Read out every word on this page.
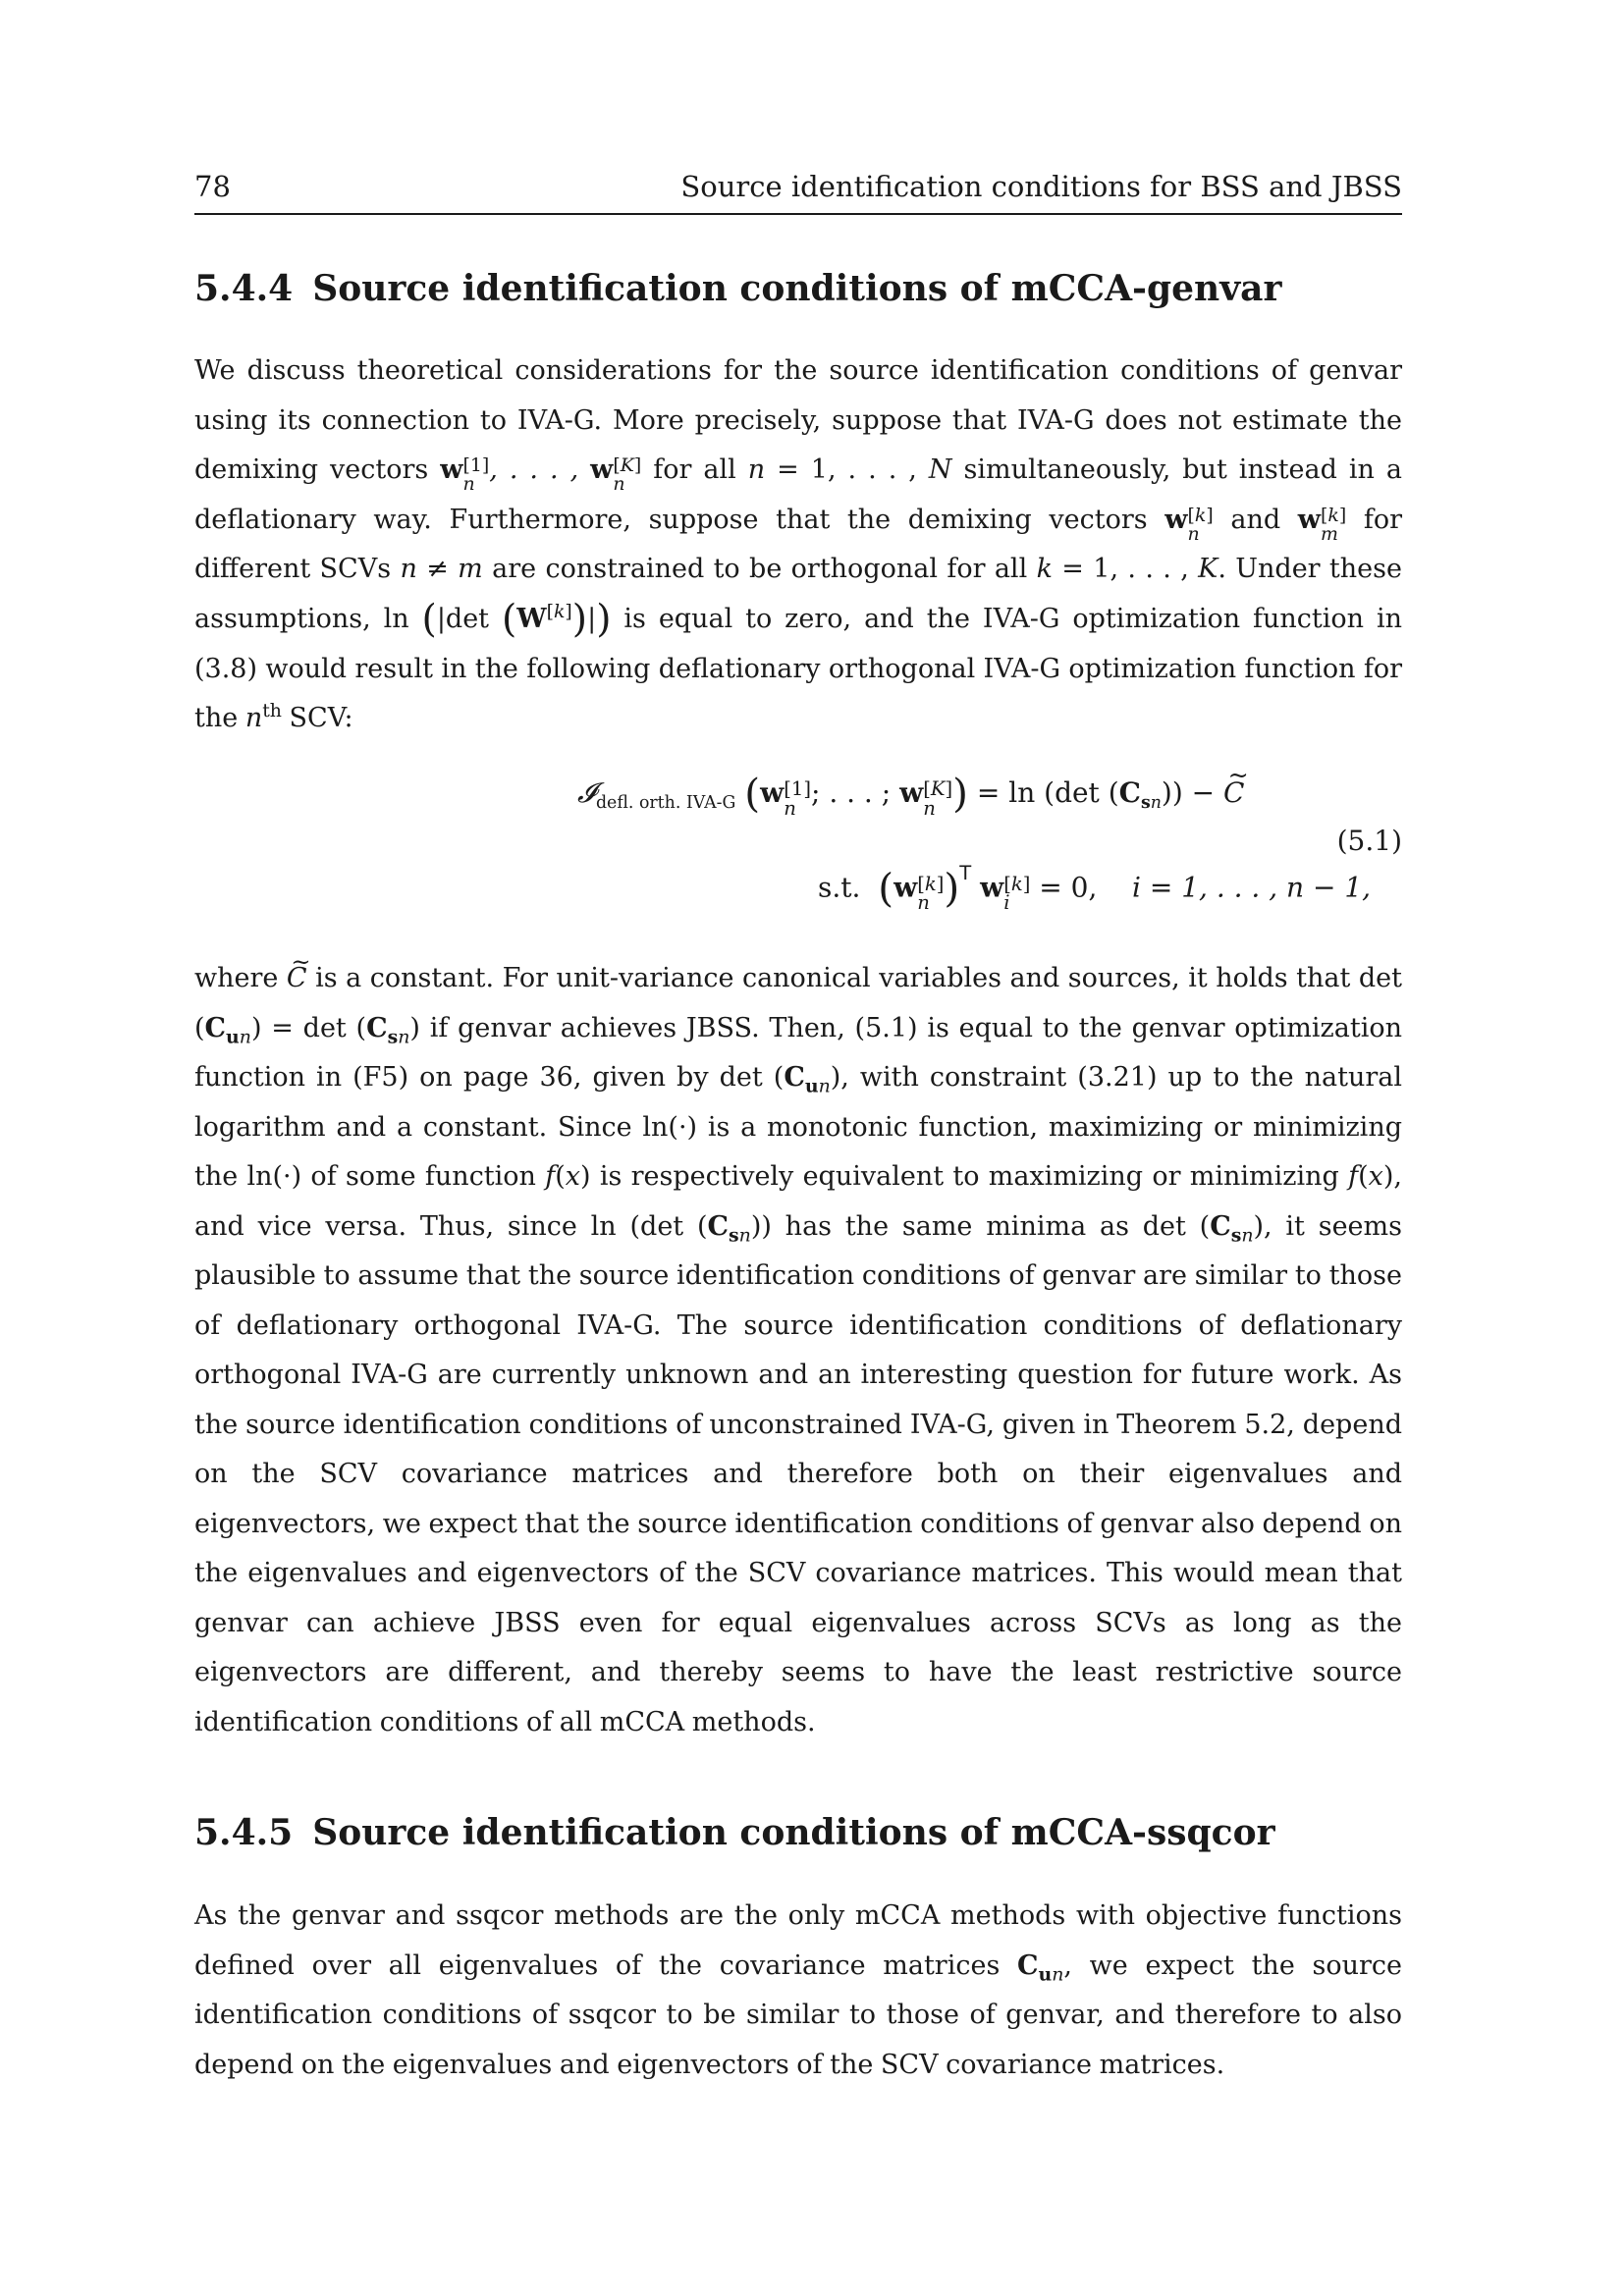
78	Source identification conditions for BSS and JBSS
5.4.4 Source identification conditions of mCCA-genvar

We discuss theoretical considerations for the source identification conditions of genvar using its connection to IVA-G. More precisely, suppose that IVA-G does not estimate the demixing vectors w [1]
n , . . . , w [K]
n for all n = 1, . . . , N simultaneously, but instead in a deflationary way. Furthermore, suppose that the demixing vectors w [k]
n and w [k]
m for different SCVs n ≠ m are constrained to be orthogonal for all k = 1, . . . , K. Under these assumptions, ln (|det (W[k])|) is equal to zero, and the IVA-G optimization function in (3.8) would result in the following deflationary orthogonal IVA-G optimization function for the $n^{th}$ SCV:

𝓘$_{defl. orth. IVA-G}$ (w [1]
n ; . . . ; w [K]
n ) = ln (det $(C_{sn})$) − ~ C
s.t. (w [k]
n )$^T$ w [k]
i	= 0, i = 1, . . . , n − 1,
(5.1)

where ~ C is a constant. For unit-variance canonical variables and sources, it holds that $\det (C_{un}) = \det (C_{sn})$ if genvar achieves JBSS. Then, (5.1) is equal to the genvar optimization function in (F5) on page 36, given by $\det (C_{un})$, with constraint (3.21) up to the natural logarithm and a constant. Since ln(·) is a monotonic function, maximizing or minimizing the ln(·) of some function f(x) is respectively equivalent to maximizing or minimizing f(x), and vice versa. Thus, since ln (det $(C_{sn})$) has the same minima as $\det (C_{sn})$, it seems plausible to assume that the source identification conditions of genvar are similar to those of deflationary orthogonal IVA-G. The source identification conditions of deflationary orthogonal IVA-G are currently unknown and an interesting question for future work. As the source identification conditions of unconstrained IVA-G, given in Theorem 5.2, depend on the SCV covariance matrices and therefore both on their eigenvalues and eigenvectors, we expect that the source identification conditions of genvar also depend on the eigenvalues and eigenvectors of the SCV covariance matrices. This would mean that genvar can achieve JBSS even for equal eigenvalues across SCVs as long as the eigenvectors are different, and thereby seems to have the least restrictive source identification conditions of all mCCA methods.

5.4.5 Source identification conditions of mCCA-ssqcor

As the genvar and ssqcor methods are the only mCCA methods with objective functions defined over all eigenvalues of the covariance matrices $C_{un}$, we expect the source identification conditions of ssqcor to be similar to those of genvar, and therefore to also depend on the eigenvalues and eigenvectors of the SCV covariance matrices.
